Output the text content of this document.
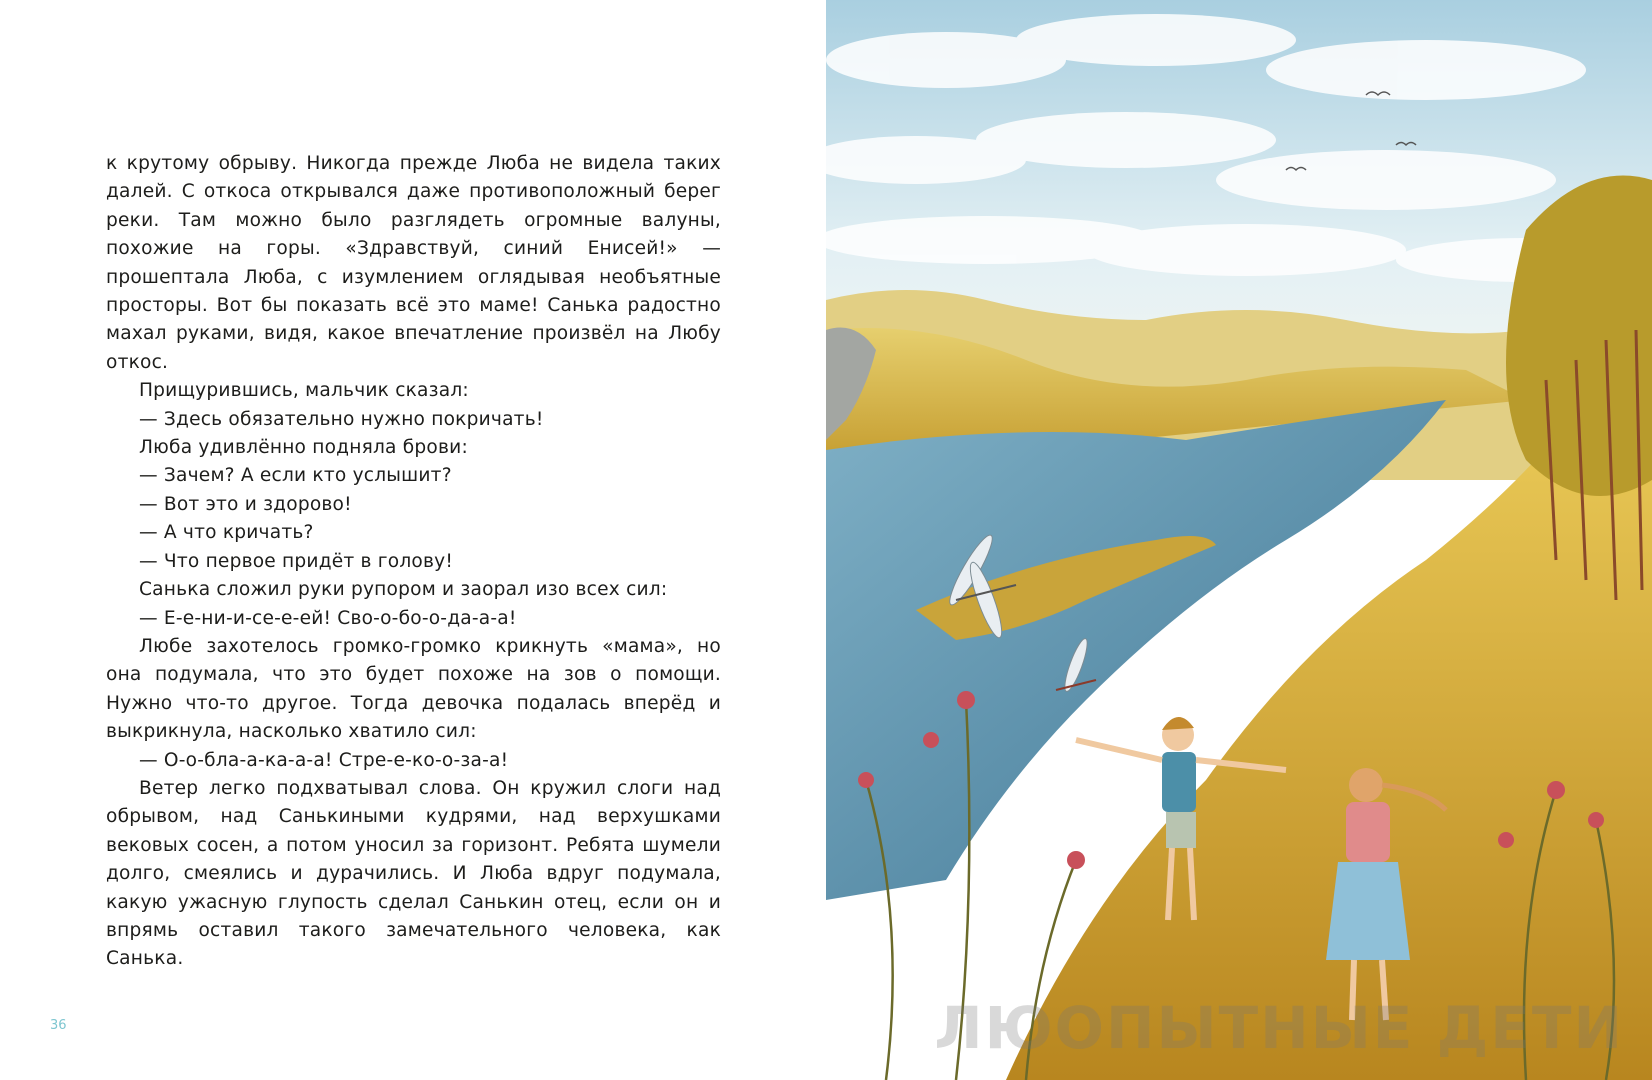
к крутому обрыву. Никогда прежде Люба не видела таких далей. С откоса открывался даже противоположный берег реки. Там можно было разглядеть огромные валуны, похожие на горы. «Здравствуй, синий Енисей!» — прошептала Люба, с изумлением оглядывая необъятные просторы. Вот бы показать всё это маме! Санька радостно махал руками, видя, какое впечатление произвёл на Любу откос.

Прищурившись, мальчик сказал:

— Здесь обязательно нужно покричать!

Люба удивлённо подняла брови:

— Зачем? А если кто услышит?

— Вот это и здорово!

— А что кричать?

— Что первое придёт в голову!

Санька сложил руки рупором и заорал изо всех сил:

— Е-е-ни-и-се-е-ей! Сво-о-бо-о-да-а-а!

Любе захотелось громко-громко крикнуть «мама», но она подумала, что это будет похоже на зов о помощи. Нужно что-то другое. Тогда девочка подалась вперёд и выкрикнула, насколько хватило сил:

— О-о-бла-а-ка-а-а! Стре-е-ко-о-за-а!

Ветер легко подхватывал слова. Он кружил слоги над обрывом, над Санькиными кудрями, над верхушками вековых сосен, а потом уносил за горизонт. Ребята шумели долго, смеялись и дурачились. И Люба вдруг подумала, какую ужасную глупость сделал Санькин отец, если он и впрямь оставил такого замечательного человека, как Санька.

36	ЛЮОПЫТНЫЕ ДЕТИ
